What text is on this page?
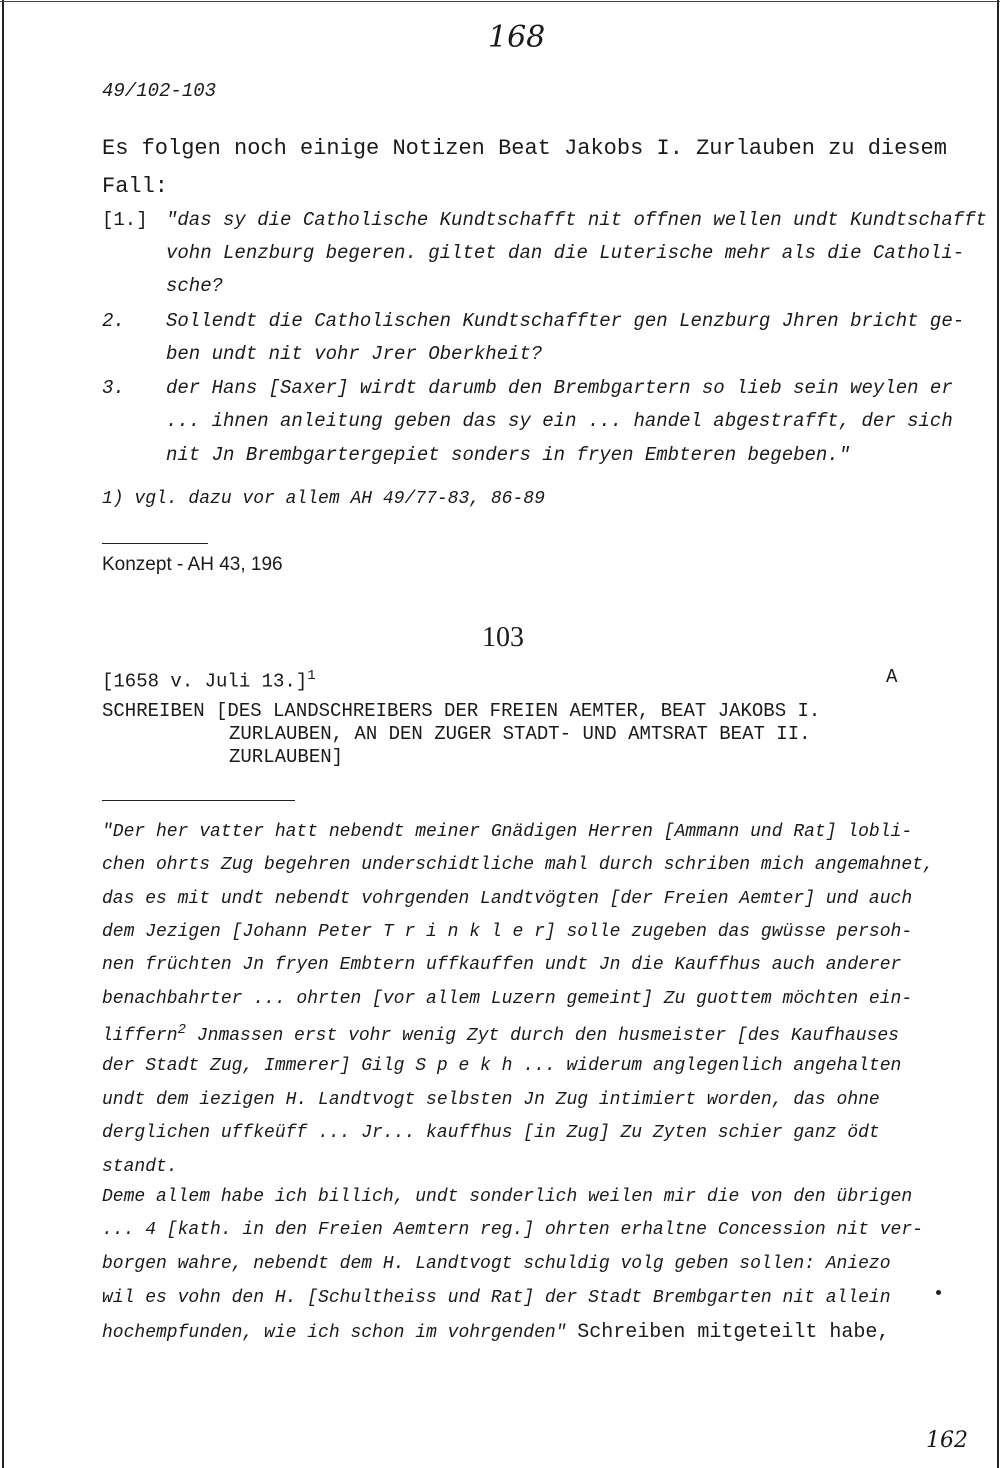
168
49/102-103
Es folgen noch einige Notizen Beat Jakobs I. Zurlauben zu diesem
Fall:
[1.] "das sy die Catholische Kundtschafft nit offnen wellen undt Kundtschafft
vohn Lenzburg begeren. giltet dan die Luterische mehr als die Catholi-
sche?
2. Sollendt die Catholischen Kundtschaffter gen Lenzburg Jhren bricht ge-
ben undt nit vohr Jrer Oberkheit?
3. der Hans [Saxer] wirdt darumb den Brembgartern so lieb sein weylen er
... ihnen anleitung geben das sy ein ... handel abgestrafft, der sich
nit Jn Brembgartergepiet sonders in fryen Embteren begeben."
1) vgl. dazu vor allem AH 49/77-83, 86-89
Konzept - AH 43, 196
103
[1658 v. Juli 13.]$^1$	A
SCHREIBEN [DES LANDSCHREIBERS DER FREIEN AEMTER, BEAT JAKOBS I.
ZURLAUBEN, AN DEN ZUGER STADT- UND AMTSRAT BEAT II.
ZURLAUBEN]
"Der her vatter hatt nebendt meiner Gnädigen Herren [Ammann und Rat] lobli-
chen ohrts Zug begehren underschidtliche mahl durch schriben mich angemahnet,
das es mit undt nebendt vohrgenden Landtvögten [der Freien Aemter] und auch
dem Jezigen [Johann Peter T r i n k l e r] solle zugeben das gwüsse persoh-
nen früchten Jn fryen Embtern uffkauffen undt Jn die Kauffhus auch anderer
benachbahrter ... ohrten [vor allem Luzern gemeint] Zu guottem möchten ein-
liffern$^2$ Jnmassen erst vohr wenig Zyt durch den husmeister [des Kaufhauses
der Stadt Zug, Immerer] Gilg S p e k h ... widerum anglegenlich angehalten
undt dem iezigen H. Landtvogt selbsten Jn Zug intimiert worden, das ohne
derglichen uffkeüff ... Jr... kauffhus [in Zug] Zu Zyten schier ganz ödt
standt.
Deme allem habe ich billich, undt sonderlich weilen mir die von den übrigen
... 4 [kath. in den Freien Aemtern reg.] ohrten erhaltne Concession nit ver-
borgen wahre, nebendt dem H. Landtvogt schuldig volg geben sollen: Aniezo
wil es vohn den H. [Schultheiss und Rat] der Stadt Brembgarten nit allein
hochempfunden, wie ich schon im vohrgenden" Schreiben mitgeteilt habe,
162
